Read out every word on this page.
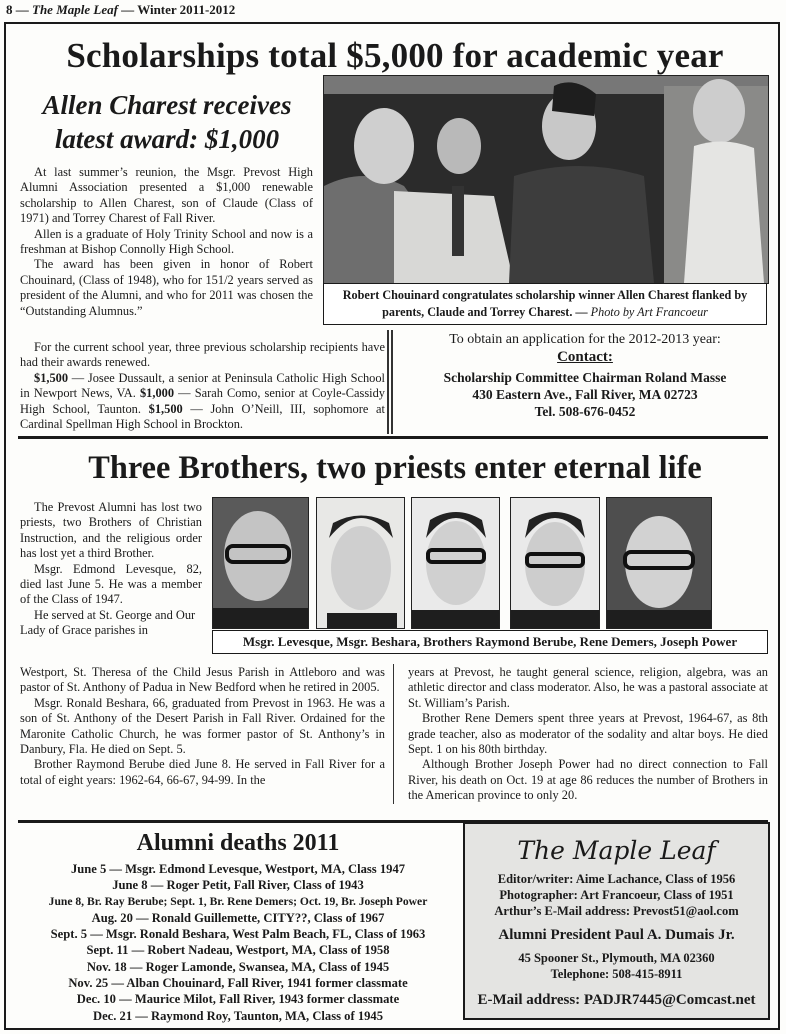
8 — The Maple Leaf — Winter 2011-2012
Scholarships total $5,000 for academic year
Allen Charest receives
latest award: $1,000

At last summer’s reunion, the Msgr. Prevost High Alumni Association presented a $1,000 renewable scholarship to Allen Charest, son of Claude (Class of 1971) and Torrey Charest of Fall River.

Allen is a graduate of Holy Trinity School and now is a freshman at Bishop Connolly High School.

The award has been given in honor of Robert Chouinard, (Class of 1948), who for 151/2 years served as president of the Alumni, and who for 2011 was chosen the “Outstanding Alumnus.”

Robert Chouinard congratulates scholarship winner Allen Charest flanked by parents, Claude and Torrey Charest. — Photo by Art Francoeur

For the current school year, three previous scholarship recipients have had their awards renewed.

$1,500 — Josee Dussault, a senior at Peninsula Catholic High School in Newport News, VA. $1,000 — Sarah Como, senior at Coyle-Cassidy High School, Taunton. $1,500 — John O’Neill, III, sophomore at Cardinal Spellman High School in Brockton.

To obtain an application for the 2012-2013 year:
Contact:
Scholarship Committee Chairman Roland Masse
430 Eastern Ave., Fall River, MA 02723
Tel. 508-676-0452
Three Brothers, two priests enter eternal life

The Prevost Alumni has lost two priests, two Brothers of Christian Instruction, and the religious order has lost yet a third Brother.

Msgr. Edmond Levesque, 82, died last June 5. He was a member of the Class of 1947.

He served at St. George and Our Lady of Grace parishes in

Msgr. Levesque, Msgr. Beshara, Brothers Raymond Berube, Rene Demers, Joseph Power

Westport, St. Theresa of the Child Jesus Parish in Attleboro and was pastor of St. Anthony of Padua in New Bedford when he retired in 2005.

Msgr. Ronald Beshara, 66, graduated from Prevost in 1963. He was a son of St. Anthony of the Desert Parish in Fall River. Ordained for the Maronite Catholic Church, he was former pastor of St. Anthony’s in Danbury, Fla. He died on Sept. 5.

Brother Raymond Berube died June 8. He served in Fall River for a total of eight years: 1962-64, 66-67, 94-99. In the

years at Prevost, he taught general science, religion, algebra, was an athletic director and class moderator. Also, he was a pastoral associate at St. William’s Parish.

Brother Rene Demers spent three years at Prevost, 1964-67, as 8th grade teacher, also as moderator of the sodality and altar boys. He died Sept. 1 on his 80th birthday.

Although Brother Joseph Power had no direct connection to Fall River, his death on Oct. 19 at age 86 reduces the number of Brothers in the American province to only 20.

Alumni deaths 2011
June 5 — Msgr. Edmond Levesque, Westport, MA, Class 1947
June 8 — Roger Petit, Fall River, Class of 1943
June 8, Br. Ray Berube; Sept. 1, Br. Rene Demers; Oct. 19, Br. Joseph Power
Aug. 20 — Ronald Guillemette, CITY??, Class of 1967
Sept. 5 — Msgr. Ronald Beshara, West Palm Beach, FL, Class of 1963
Sept. 11 — Robert Nadeau, Westport, MA, Class of 1958
Nov. 18 — Roger Lamonde, Swansea, MA, Class of 1945
Nov. 25 — Alban Chouinard, Fall River, 1941 former classmate
Dec. 10 — Maurice Milot, Fall River, 1943 former classmate
Dec. 21 — Raymond Roy, Taunton, MA, Class of 1945
The Maple Leaf
Editor/writer: Aime Lachance, Class of 1956
Photographer: Art Francoeur, Class of 1951
Arthur’s E-Mail address: Prevost51@aol.com
Alumni President Paul A. Dumais Jr.
45 Spooner St., Plymouth, MA 02360
Telephone: 508-415-8911
E-Mail address: PADJR7445@Comcast.net
